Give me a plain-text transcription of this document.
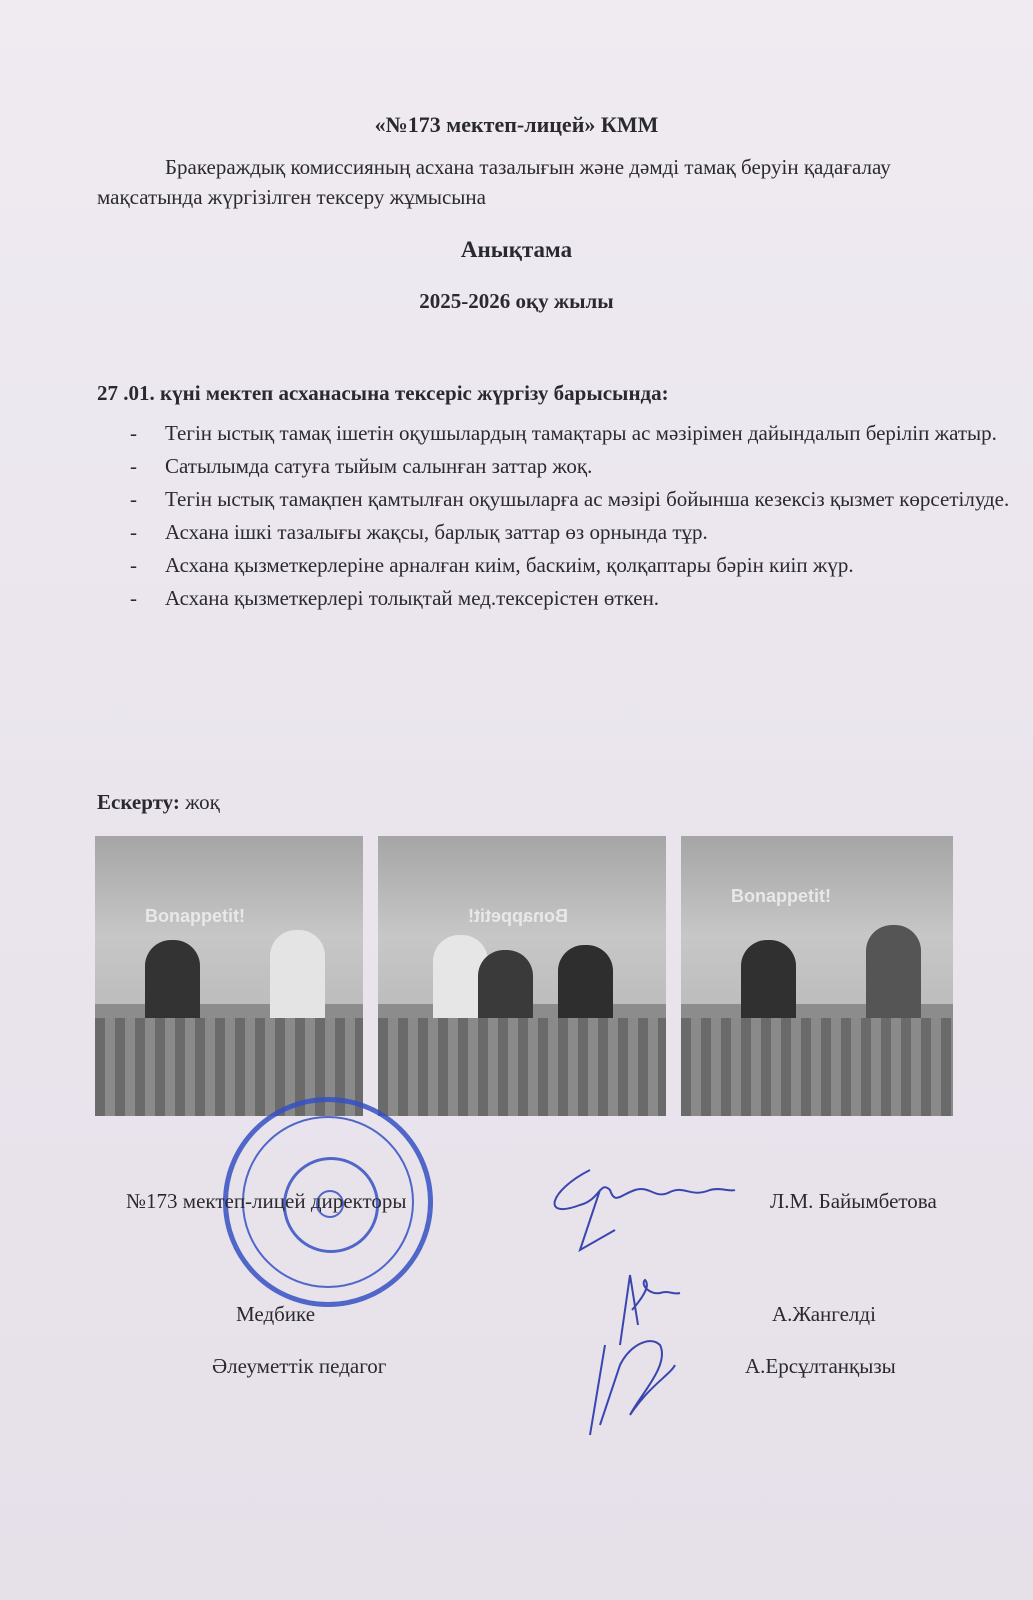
«№173 мектеп-лицей» КММ
Бракераждық комиссияның асхана тазалығын және дәмді тамақ беруін қадағалау мақсатында жүргізілген тексеру жұмысына
Анықтама
2025-2026 оқу жылы
27 .01. күні мектеп асханасына тексеріс жүргізу барысында:
- Тегін ыстық тамақ ішетін оқушылардың тамақтары ас мәзірімен дайындалып беріліп жатыр.
- Сатылымда сатуға тыйым салынған заттар жоқ.
- Тегін ыстық тамақпен қамтылған оқушыларға ас мәзірі бойынша кезексіз қызмет көрсетілуде.
- Асхана ішкі тазалығы жақсы, барлық заттар өз орнында тұр.
- Асхана қызметкерлеріне арналған киім, баскиім, қолқаптары бәрін киіп жүр.
- Асхана қызметкерлері толықтай мед.тексерістен өткен.
Ескерту: жоқ
Bonappetit!	Bonappetit!
Bonappetit!
№173 мектеп-лицей директоры	Л.М. Байымбетова
Медбике	А.Жангелді
Әлеуметтік педагог	А.Ерсұлтанқызы
